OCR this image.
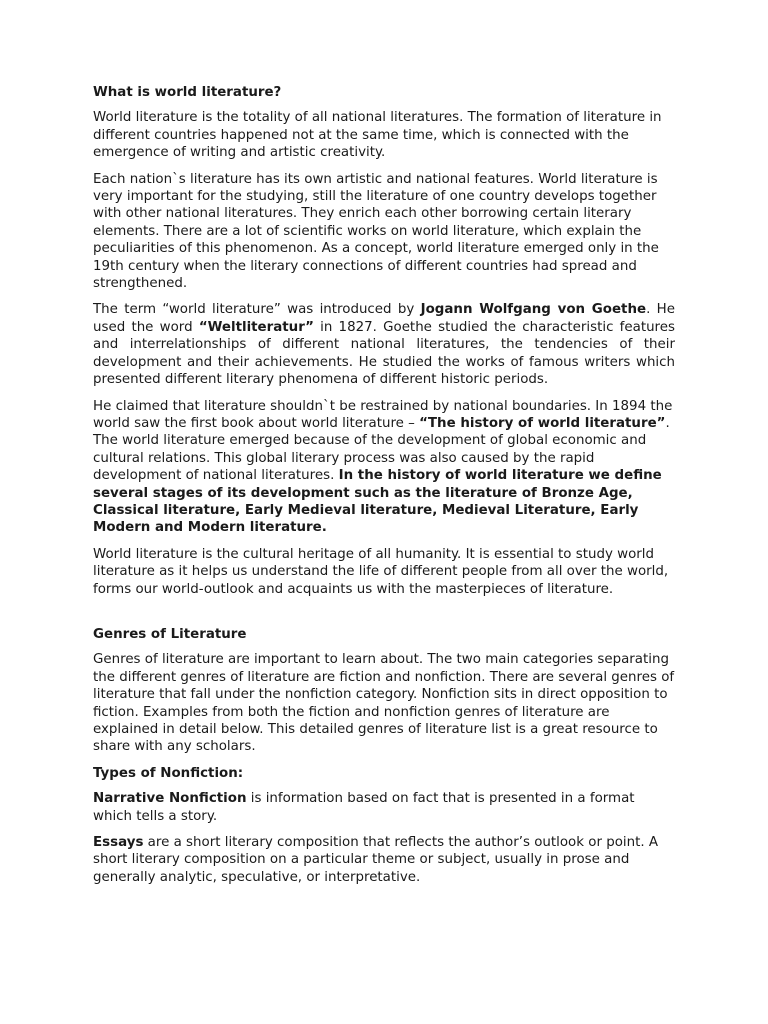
What is world literature?

World literature is the totality of all national literatures. The formation of literature in different countries happened not at the same time, which is connected with the emergence of writing and artistic creativity.

Each nation`s literature has its own artistic and national features. World literature is very important for the studying, still the literature of one country develops together with other national literatures. They enrich each other borrowing certain literary elements. There are a lot of scientific works on world literature, which explain the peculiarities of this phenomenon. As a concept, world literature emerged only in the 19th century when the literary connections of different countries had spread and strengthened.

The term “world literature” was introduced by Jogann Wolfgang von Goethe. He used the word “Weltliteratur” in 1827. Goethe studied the characteristic features and interrelationships of different national literatures, the tendencies of their development and their achievements. He studied the works of famous writers which presented different literary phenomena of different historic periods.

He claimed that literature shouldn`t be restrained by national boundaries. In 1894 the world saw the first book about world literature – “The history of world literature”. The world literature emerged because of the development of global economic and cultural relations. This global literary process was also caused by the rapid development of national literatures. In the history of world literature we define several stages of its development such as the literature of Bronze Age, Classical literature, Early Medieval literature, Medieval Literature, Early Modern and Modern literature.

World literature is the cultural heritage of all humanity. It is essential to study world literature as it helps us understand the life of different people from all over the world, forms our world-outlook and acquaints us with the masterpieces of literature.

Genres of Literature

Genres of literature are important to learn about. The two main categories separating the different genres of literature are fiction and nonfiction. There are several genres of literature that fall under the nonfiction category. Nonfiction sits in direct opposition to fiction. Examples from both the fiction and nonfiction genres of literature are explained in detail below. This detailed genres of literature list is a great resource to share with any scholars.

Types of Nonfiction:

Narrative Nonfiction is information based on fact that is presented in a format which tells a story.

Essays are a short literary composition that reflects the author’s outlook or point. A short literary composition on a particular theme or subject, usually in prose and generally analytic, speculative, or interpretative.
